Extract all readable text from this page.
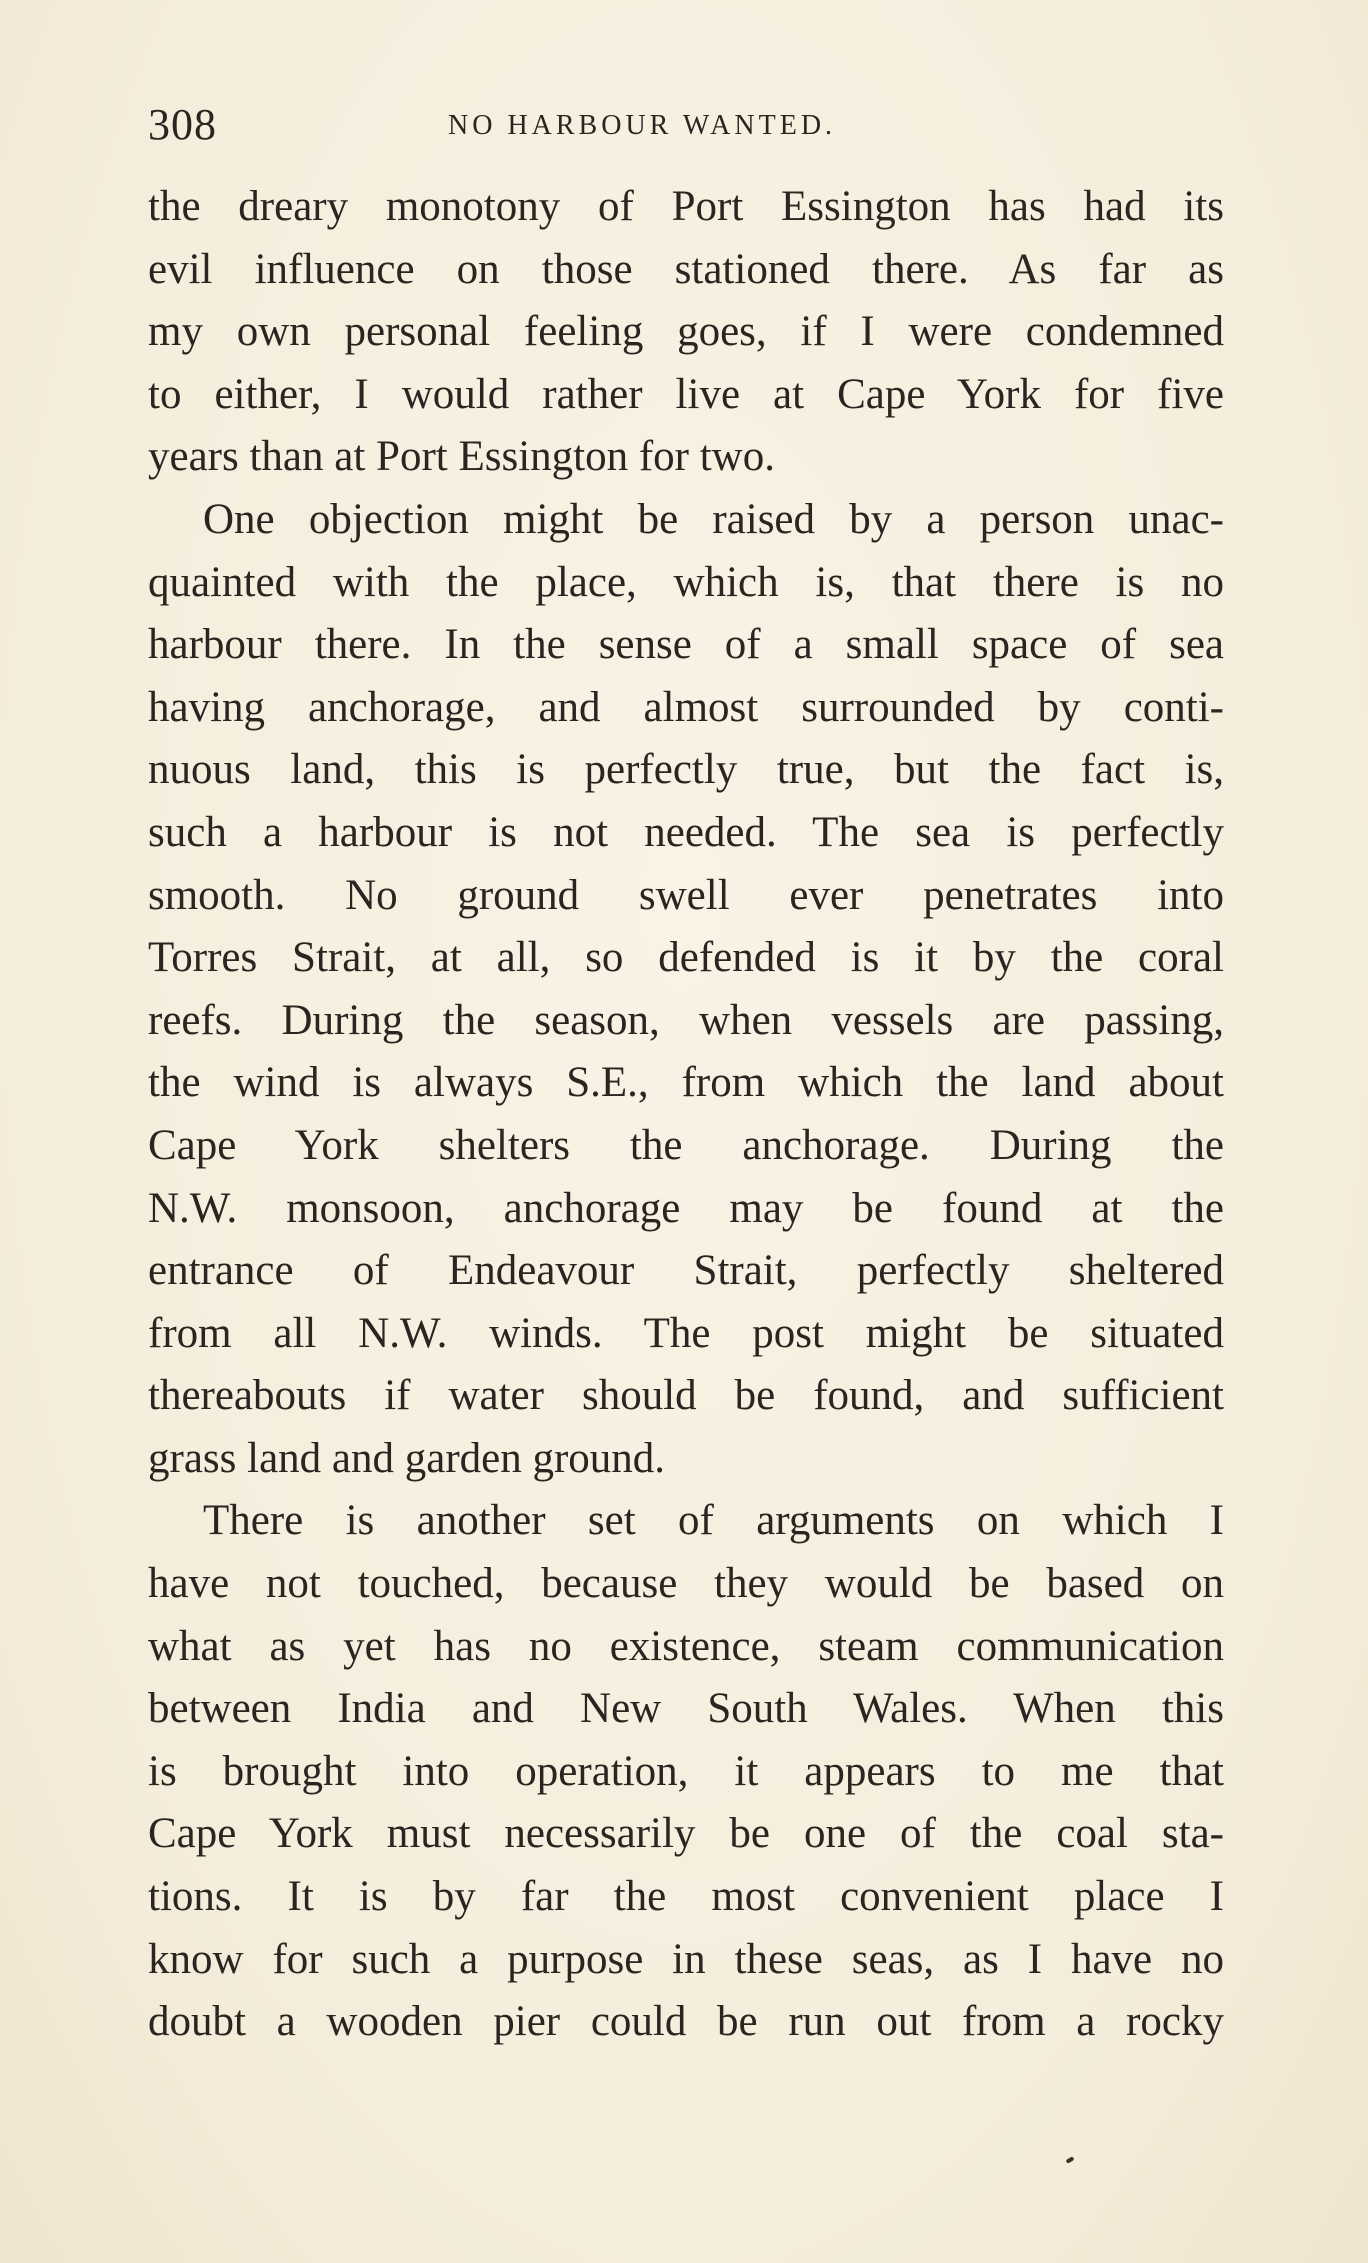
308	NO HARBOUR WANTED.
the dreary monotony of Port Essington has had its
evil influence on those stationed there. As far as
my own personal feeling goes, if I were condemned
to either, I would rather live at Cape York for five
years than at Port Essington for two.
One objection might be raised by a person unac-
quainted with the place, which is, that there is no
harbour there. In the sense of a small space of sea
having anchorage, and almost surrounded by conti-
nuous land, this is perfectly true, but the fact is,
such a harbour is not needed. The sea is perfectly
smooth. No ground swell ever penetrates into
Torres Strait, at all, so defended is it by the coral
reefs. During the season, when vessels are passing,
the wind is always S.E., from which the land about
Cape York shelters the anchorage. During the
N.W. monsoon, anchorage may be found at the
entrance of Endeavour Strait, perfectly sheltered
from all N.W. winds. The post might be situated
thereabouts if water should be found, and sufficient
grass land and garden ground.
There is another set of arguments on which I
have not touched, because they would be based on
what as yet has no existence, steam communication
between India and New South Wales. When this
is brought into operation, it appears to me that
Cape York must necessarily be one of the coal sta-
tions. It is by far the most convenient place I
know for such a purpose in these seas, as I have no
doubt a wooden pier could be run out from a rocky
